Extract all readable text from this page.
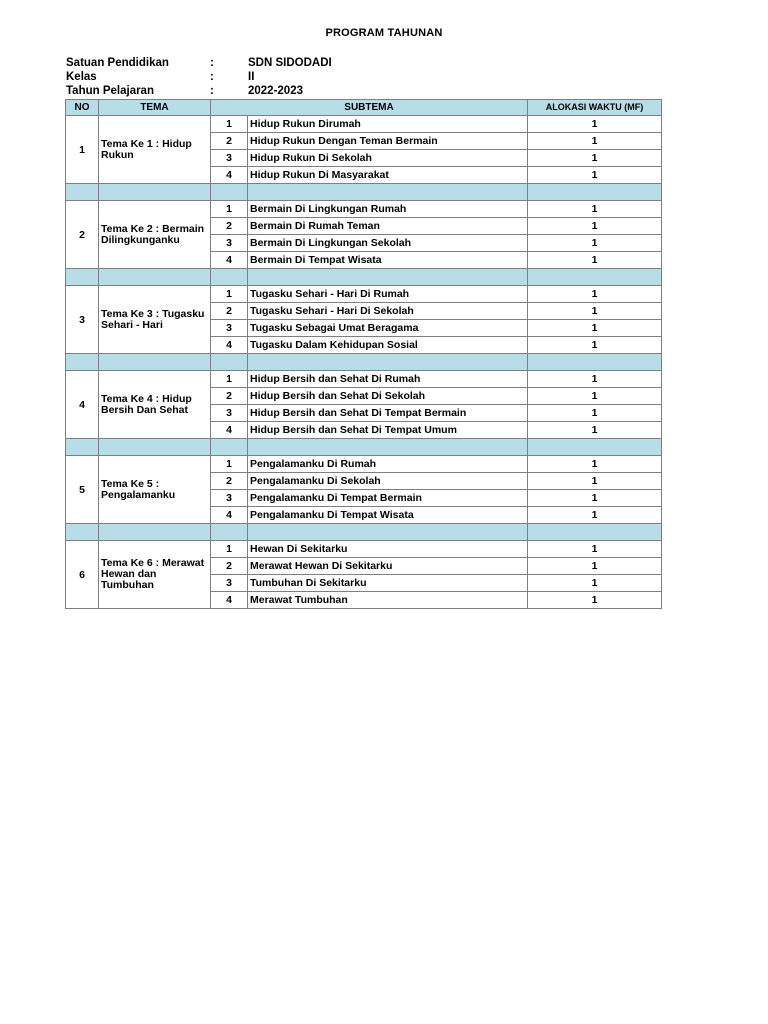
PROGRAM TAHUNAN
Satuan Pendidikan	:	SDN SIDODADI
Kelas	:	II
Tahun Pelajaran	:	2022-2023
NO	TEMA	SUBTEMA		ALOKASI WAKTU (MF)
1	Tema Ke 1 : Hidup Rukun	1	Hidup Rukun Dirumah	1
		2	Hidup Rukun Dengan Teman Bermain	1
		3	Hidup Rukun Di Sekolah	1
		4	Hidup Rukun Di Masyarakat	1

2	Tema Ke 2 : Bermain Dilingkunganku	1	Bermain Di Lingkungan Rumah	1
		2	Bermain Di Rumah Teman	1
		3	Bermain Di Lingkungan Sekolah	1
		4	Bermain Di Tempat Wisata	1

3	Tema Ke 3 : Tugasku Sehari - Hari	1	Tugasku Sehari - Hari Di Rumah	1
		2	Tugasku Sehari - Hari Di Sekolah	1
		3	Tugasku Sebagai Umat Beragama	1
		4	Tugasku Dalam Kehidupan Sosial	1

4	Tema Ke 4 : Hidup Bersih Dan Sehat	1	Hidup Bersih dan Sehat Di Rumah	1
		2	Hidup Bersih dan Sehat Di Sekolah	1
		3	Hidup Bersih dan Sehat Di Tempat Bermain	1
		4	Hidup Bersih dan Sehat Di Tempat Umum	1

5	Tema Ke 5 : Pengalamanku	1	Pengalamanku Di Rumah	1
		2	Pengalamanku Di Sekolah	1
		3	Pengalamanku Di Tempat Bermain	1
		4	Pengalamanku Di Tempat Wisata	1

6	Tema Ke 6 : Merawat Hewan dan Tumbuhan	1	Hewan Di Sekitarku	1
		2	Merawat Hewan Di Sekitarku	1
		3	Tumbuhan Di Sekitarku	1
		4	Merawat Tumbuhan	1
